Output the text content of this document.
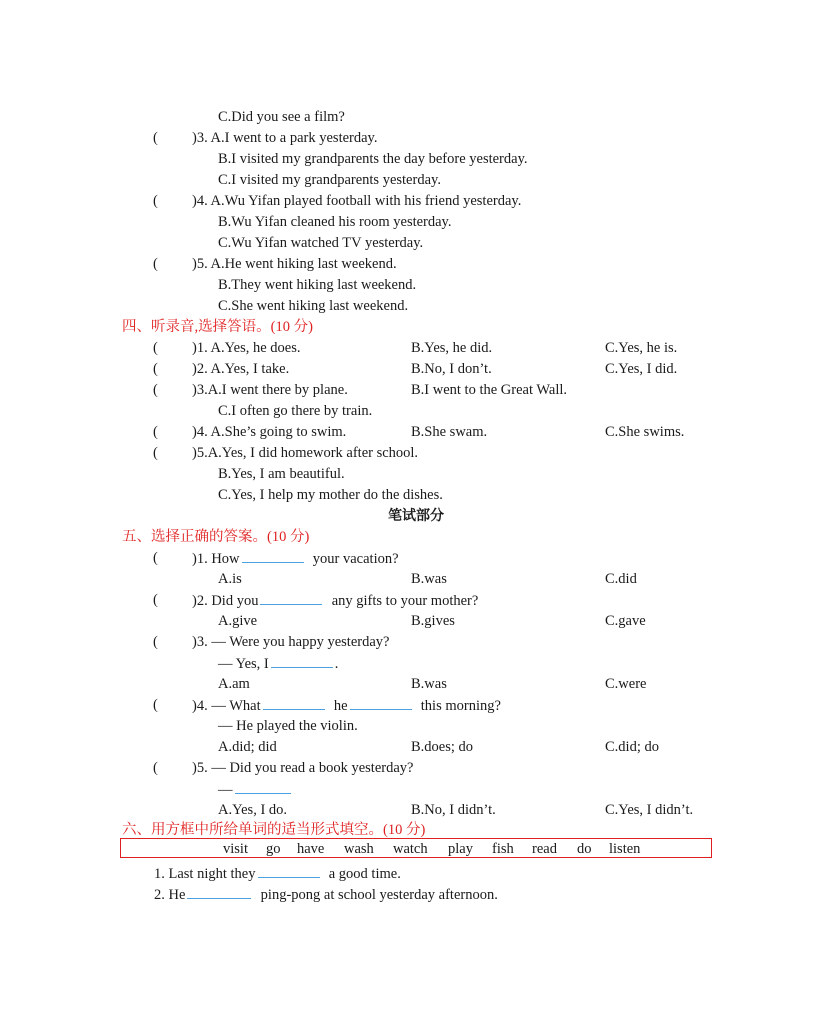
C.Did you see a film?
( )3. A.I went to a park yesterday.
B.I visited my grandparents the day before yesterday.
C.I visited my grandparents yesterday.
( )4. A.Wu Yifan played football with his friend yesterday.
B.Wu Yifan cleaned his room yesterday.
C.Wu Yifan watched TV yesterday.
( )5. A.He went hiking last weekend.
B.They went hiking last weekend.
C.She went hiking last weekend.
四、听录音,选择答语。(10 分)
( )1. A.Yes, he does.	B.Yes, he did.	C.Yes, he is.
( )2. A.Yes, I take.	B.No, I don’t.	C.Yes, I did.
( )3.A.I went there by plane.	B.I went to the Great Wall.
C.I often go there by train.
( )4. A.She’s going to swim.	B.She swam.	C.She swims.
( )5.A.Yes, I did homework after school.
B.Yes, I am beautiful.
C.Yes, I help my mother do the dishes.
笔试部分
五、选择正确的答案。(10 分)
( )1. How	your vacation?
A.is	B.was	C.did
( )2. Did you	any gifts to your mother?
A.give	B.gives	C.gave
( )3. — Were you happy yesterday?
— Yes, I	.
A.am	B.was	C.were
( )4. — What	he	this morning?
— He played the violin.
A.did; did	B.does; do	C.did; do
( )5. — Did you read a book yesterday?
—
A.Yes, I do.	B.No, I didn’t.	C.Yes, I didn’t.
六、用方框中所给单词的适当形式填空。(10 分)
visit go have wash watch play fish read do listen
1. Last night they	a good time.
2. He	ping-pong at school yesterday afternoon.
